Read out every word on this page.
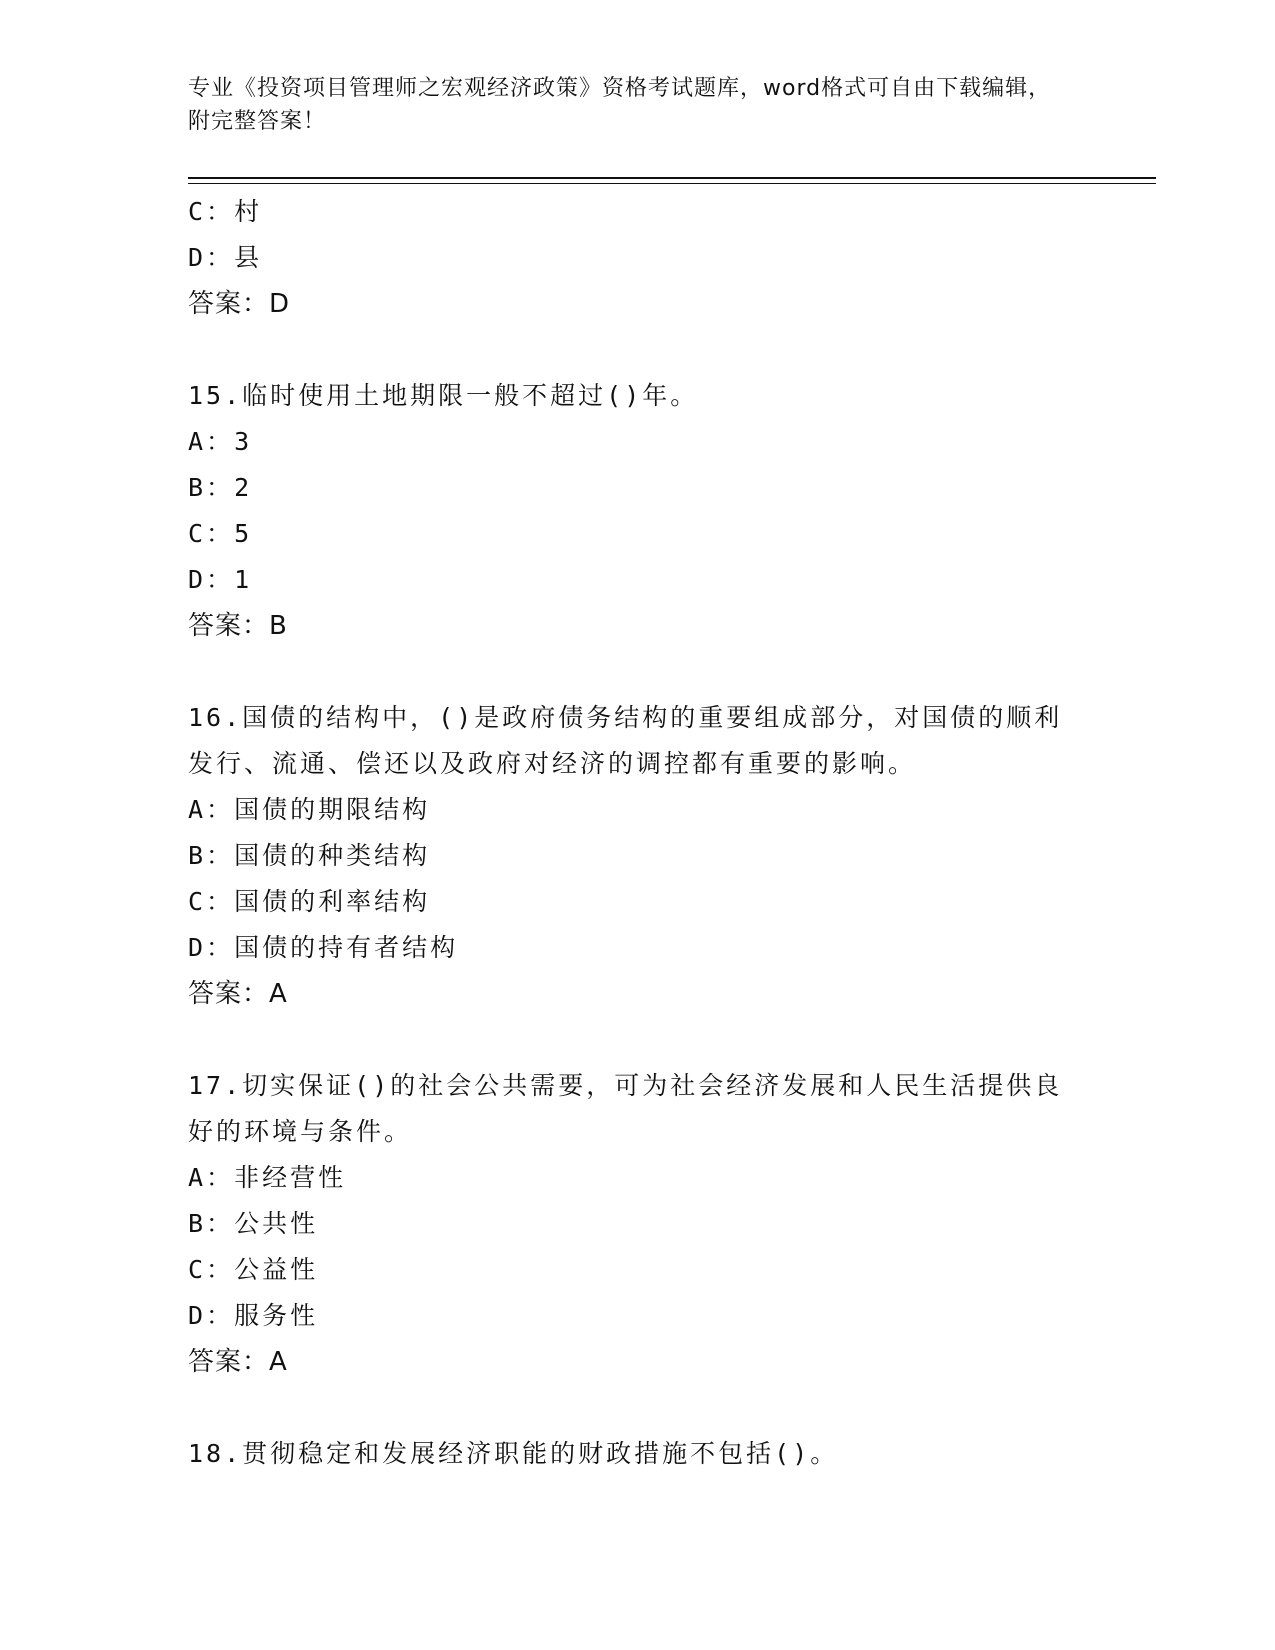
专业《投资项目管理师之宏观经济政策》资格考试题库，word格式可自由下载编辑，附完整答案！
C：村
D：县
答案：D
15.临时使用土地期限一般不超过()年。
A：3
B：2
C：5
D：1
答案：B
16.国债的结构中，()是政府债务结构的重要组成部分，对国债的顺利
发行、流通、偿还以及政府对经济的调控都有重要的影响。
A：国债的期限结构
B：国债的种类结构
C：国债的利率结构
D：国债的持有者结构
答案：A
17.切实保证()的社会公共需要，可为社会经济发展和人民生活提供良
好的环境与条件。
A：非经营性
B：公共性
C：公益性
D：服务性
答案：A
18.贯彻稳定和发展经济职能的财政措施不包括()。
